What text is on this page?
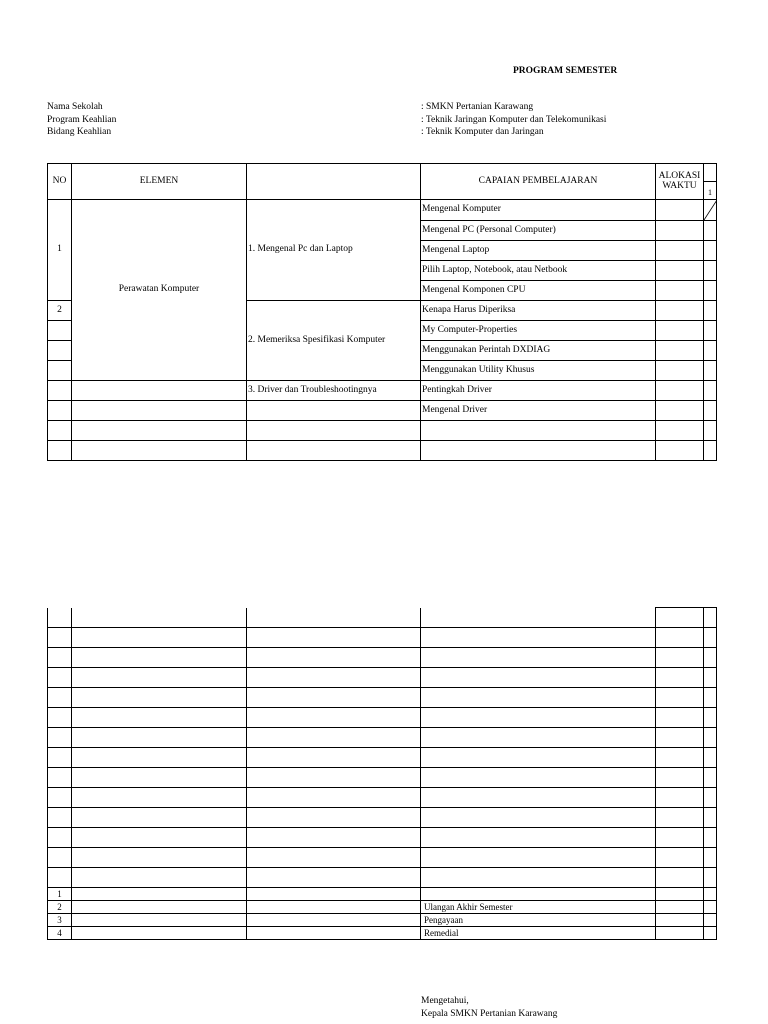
PROGRAM SEMESTER
Nama Sekolah	: SMKN Pertanian Karawang
Program Keahlian	: Teknik Jaringan Komputer dan Telekomunikasi
Bidang Keahlian	: Teknik Komputer dan Jaringan
NO	ELEMEN		CAPAIAN PEMBELAJARAN	ALOKASI
WAKTU	

					1
1	Perawatan Komputer	1. Mengenal Pc dan Laptop	Mengenal Komputer		

			Mengenal PC (Personal Computer)		
			Mengenal Laptop		
			Pilih Laptop, Notebook, atau Netbook		
			Mengenal Komponen CPU		
2		2. Memeriksa Spesifikasi Komputer	Kenapa Harus Diperiksa		
			My Computer-Properties		
			Menggunakan Perintah DXDIAG		
			Menggunakan Utility Khusus		
		3. Driver dan Troubleshootingnya	Pentingkah Driver		
			Mengenal Driver		

1					
2			Ulangan Akhir Semester		
3			Pengayaan		
4			Remedial		
Mengetahui,
Kepala SMKN Pertanian Karawang
